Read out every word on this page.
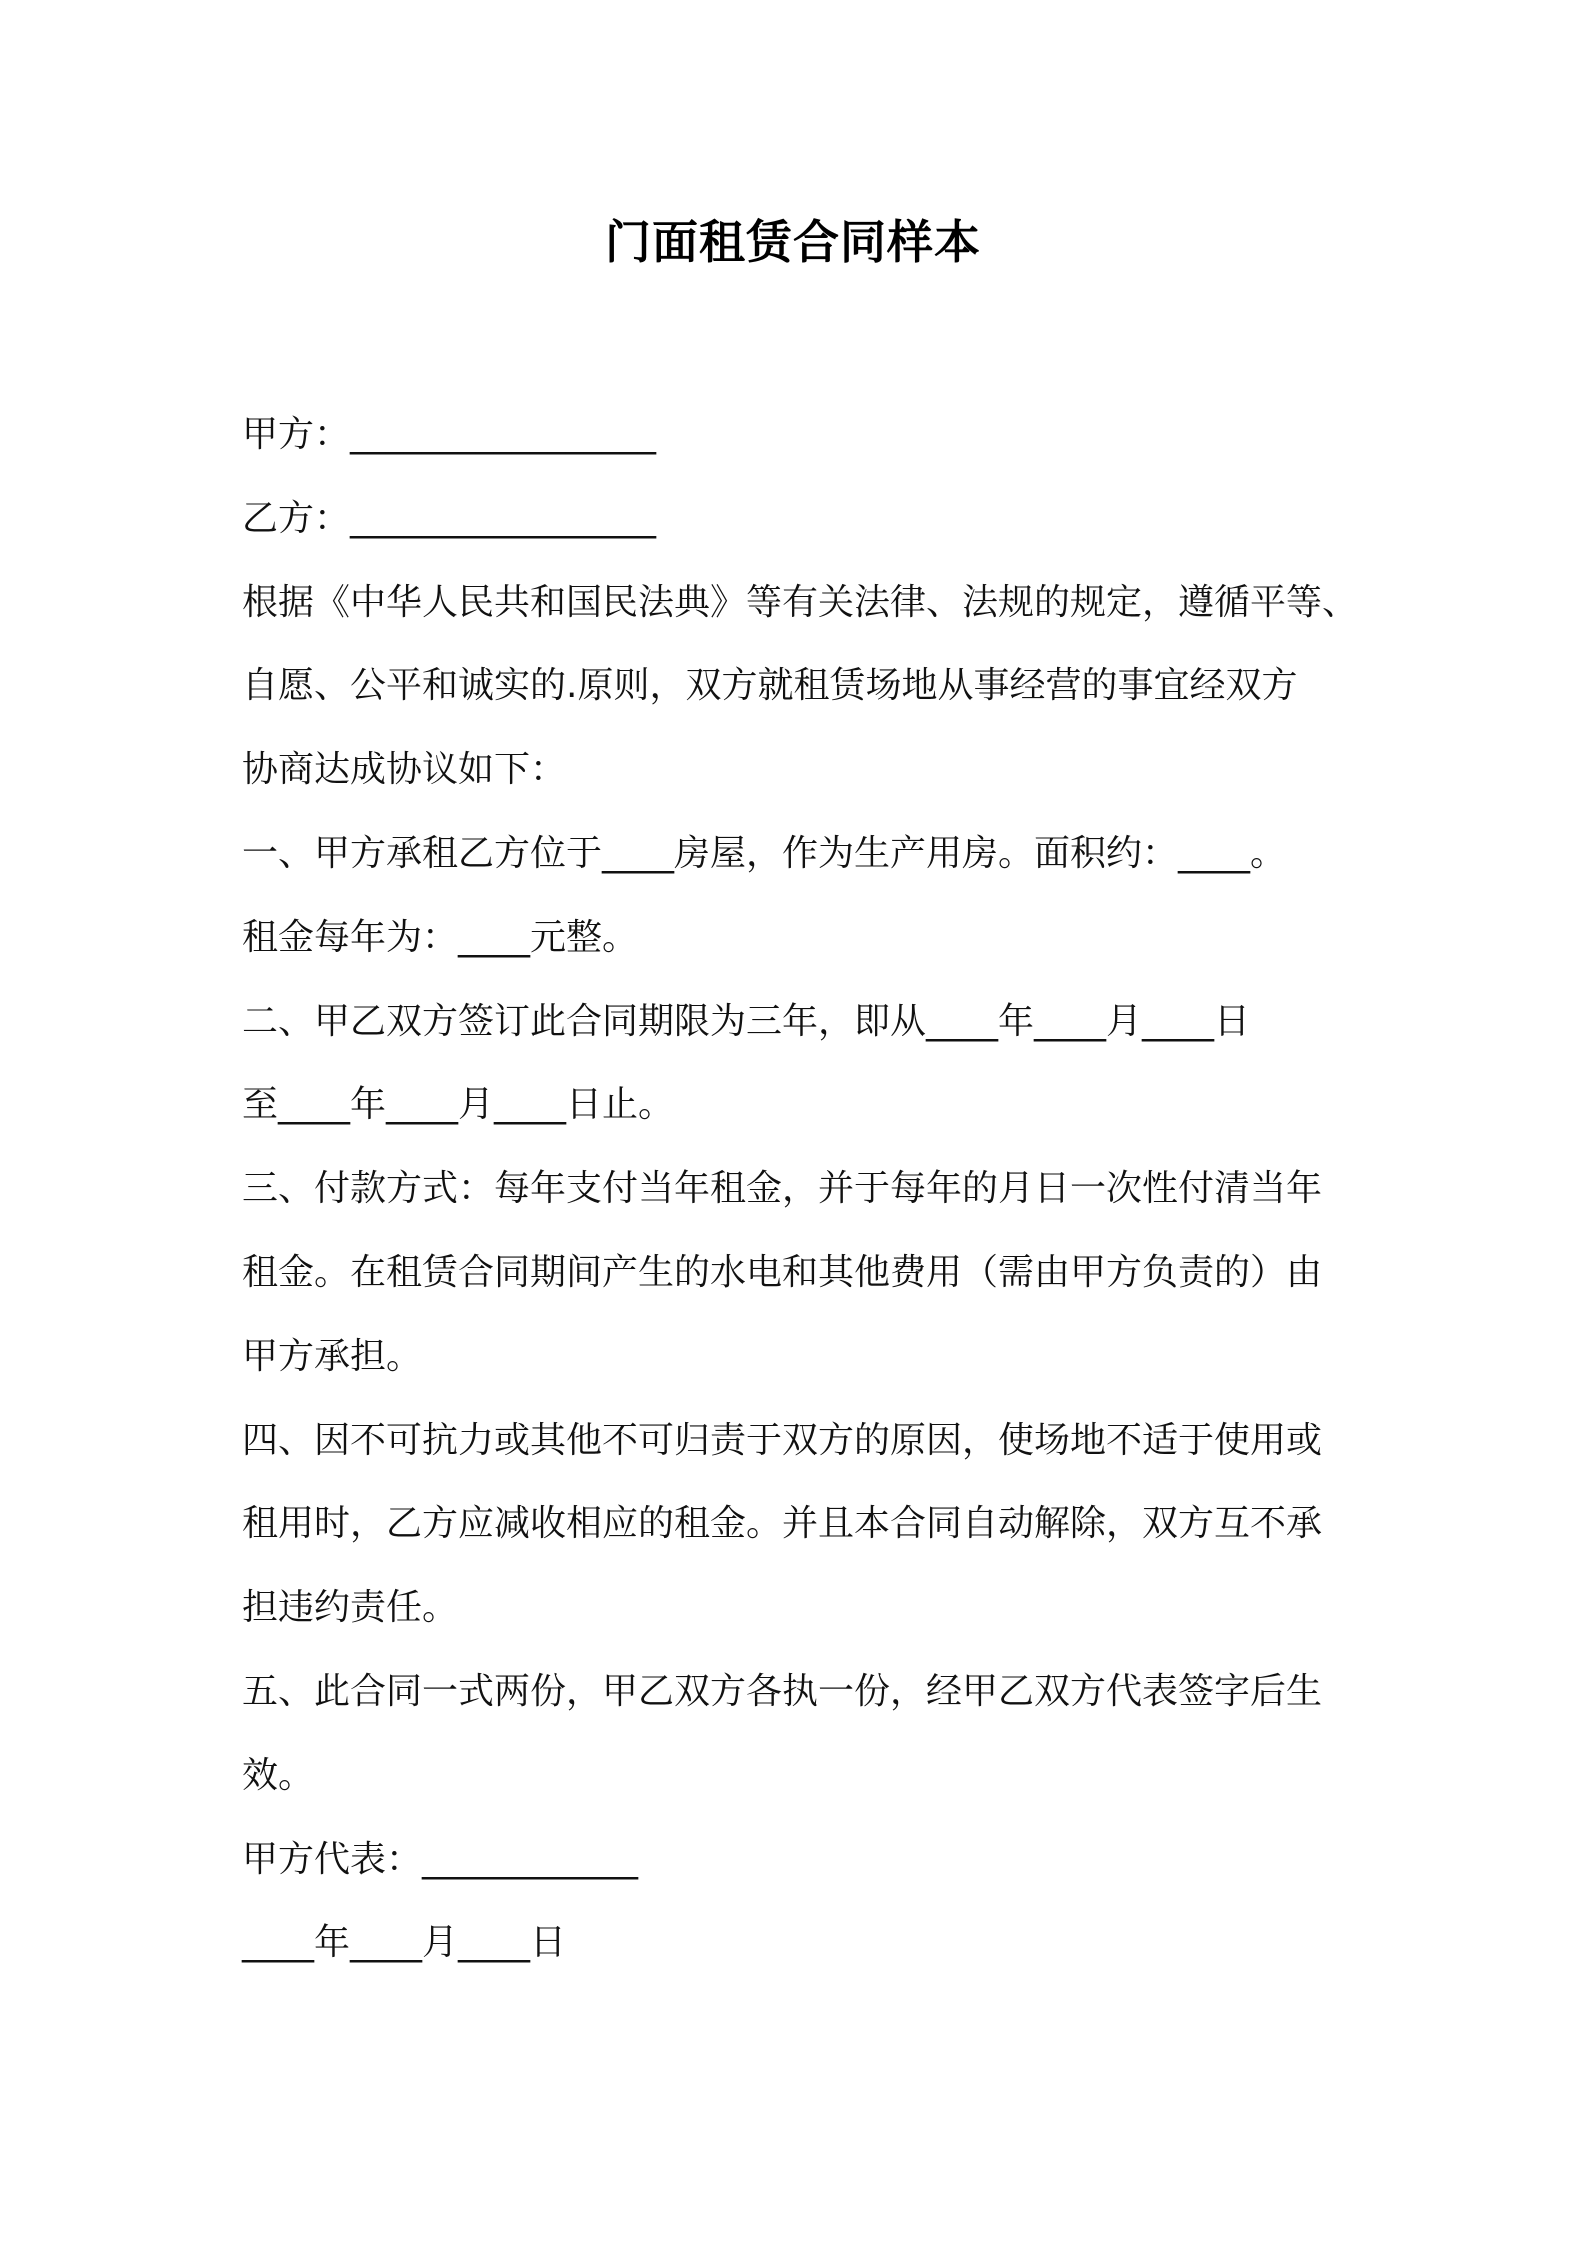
门面租赁合同样本
甲方：_________________
乙方：_________________
根据《中华人民共和国民法典》等有关法律、法规的规定，遵循平等、
自愿、公平和诚实的.原则，双方就租赁场地从事经营的事宜经双方
协商达成协议如下：
一、甲方承租乙方位于____房屋，作为生产用房。面积约：____。
租金每年为：____元整。
二、甲乙双方签订此合同期限为三年，即从____年____月____日
至____年____月____日止。
三、付款方式：每年支付当年租金，并于每年的月日一次性付清当年
租金。在租赁合同期间产生的水电和其他费用（需由甲方负责的）由
甲方承担。
四、因不可抗力或其他不可归责于双方的原因，使场地不适于使用或
租用时，乙方应减收相应的租金。并且本合同自动解除，双方互不承
担违约责任。
五、此合同一式两份，甲乙双方各执一份，经甲乙双方代表签字后生
效。
甲方代表：____________
____年____月____日
